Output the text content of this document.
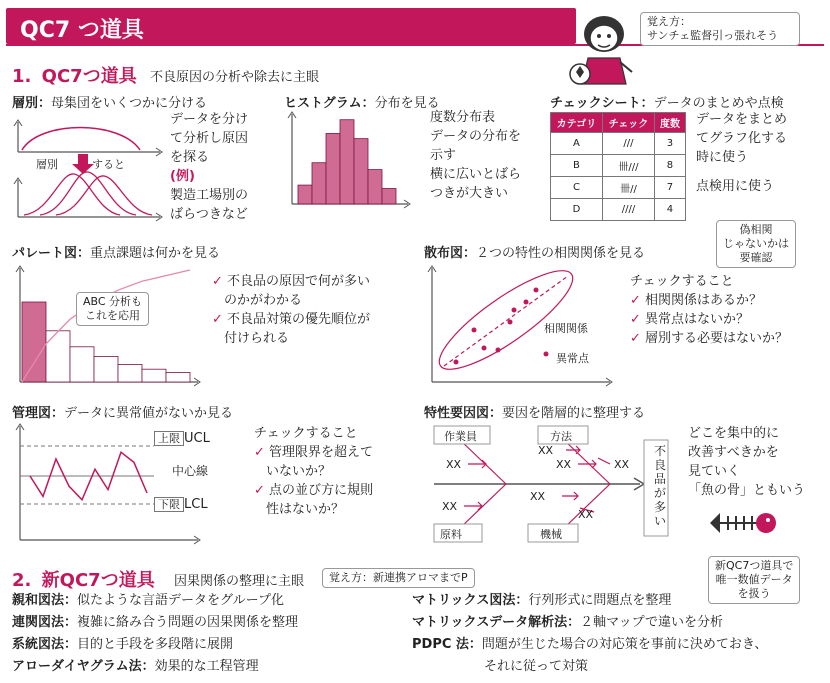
QC7 つ道具	覚え方：
サンチェ監督引っ張れそう
1. QC7つ道具 不良原因の分析や除去に主眼
層別：母集団をいくつかに分ける
層別	すると
データを分け
て分析し原因
を探る
(例)
製造工場別の
ばらつきなど
ヒストグラム：分布を見る
度数分布表
データの分布を
示す
横に広いとばら
つきが大きい
チェックシート：データのまとめや点検
カテゴリ	チェック	度数
A	///	3
B	卌///	8
C	卌//	7
D	////	4
データをまとめ
てグラフ化する
時に使う
点検用に使う
パレート図：重点課題は何かを見る
ABC 分析も
これを応用
✓ 不良品の原因で何が多い
のかがわかる
✓ 不良品対策の優先順位が
付けられる
散布図：２つの特性の相関関係を見る
偽相関
じゃないかは
要確認
相関関係
異常点
チェックすること
✓ 相関関係はあるか？
✓ 異常点はないか？
✓ 層別する必要はないか？
管理図：データに異常値がないか見る
上限 UCL
中心線
下限 LCL
チェックすること
✓ 管理限界を超えて
いないか？
✓ 点の並び方に規則
性はないか？
特性要因図：要因を階層的に整理する
作業員	方法
原料	機械
XX
XX
XX	XX
XX
XX
XX
不
良
品
が
多
い
どこを集中的に
改善すべきかを
見ていく
「魚の骨」ともいう
2. 新QC7つ道具 因果関係の整理に主眼	覚え方：新連携アロマまでP
新QC7つ道具で
唯一数値データ
を扱う
親和図法：似たような言語データをグループ化
連関図法：複雑に絡み合う問題の因果関係を整理
系統図法：目的と手段を多段階に展開
アローダイヤグラム法：効果的な工程管理
マトリックス図法：行列形式に問題点を整理
マトリックスデータ解析法：２軸マップで違いを分析
PDPC 法：問題が生じた場合の対応策を事前に決めておき、
それに従って対策
